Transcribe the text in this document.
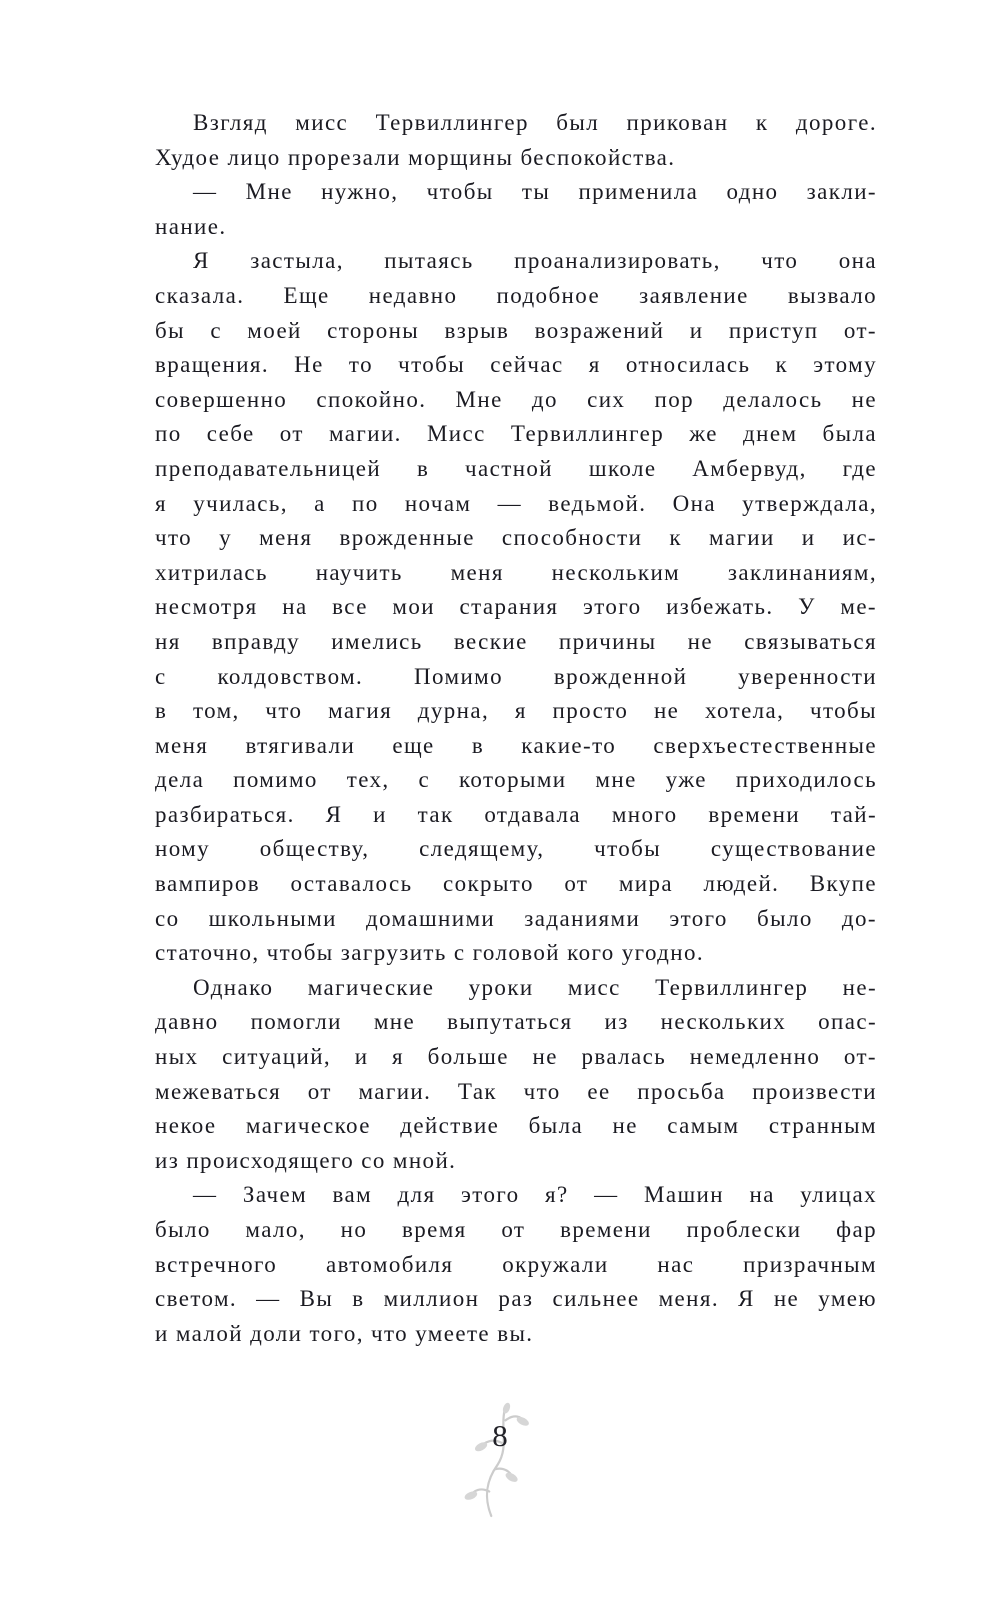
Взгляд мисс Тервиллингер был прикован к дороге.
Худое лицо прорезали морщины беспокойства.
— Мне нужно, чтобы ты применила одно закли-
нание.
Я застыла, пытаясь проанализировать, что она
сказала. Еще недавно подобное заявление вызвало
бы с моей стороны взрыв возражений и приступ от-
вращения. Не то чтобы сейчас я относилась к этому
совершенно спокойно. Мне до сих пор делалось не
по себе от магии. Мисс Тервиллингер же днем была
преподавательницей в частной школе Амбервуд, где
я училась, а по ночам — ведьмой. Она утверждала,
что у меня врожденные способности к магии и ис-
хитрилась научить меня нескольким заклинаниям,
несмотря на все мои старания этого избежать. У ме-
ня вправду имелись веские причины не связываться
с колдовством. Помимо врожденной уверенности
в том, что магия дурна, я просто не хотела, чтобы
меня втягивали еще в какие-то сверхъестественные
дела помимо тех, с которыми мне уже приходилось
разбираться. Я и так отдавала много времени тай-
ному обществу, следящему, чтобы существование
вампиров оставалось сокрыто от мира людей. Вкупе
со школьными домашними заданиями этого было до-
статочно, чтобы загрузить с головой кого угодно.
Однако магические уроки мисс Тервиллингер не-
давно помогли мне выпутаться из нескольких опас-
ных ситуаций, и я больше не рвалась немедленно от-
межеваться от магии. Так что ее просьба произвести
некое магическое действие была не самым странным
из происходящего со мной.
— Зачем вам для этого я? — Машин на улицах
было мало, но время от времени проблески фар
встречного автомобиля окружали нас призрачным
светом. — Вы в миллион раз сильнее меня. Я не умею
и малой доли того, что умеете вы.
8
